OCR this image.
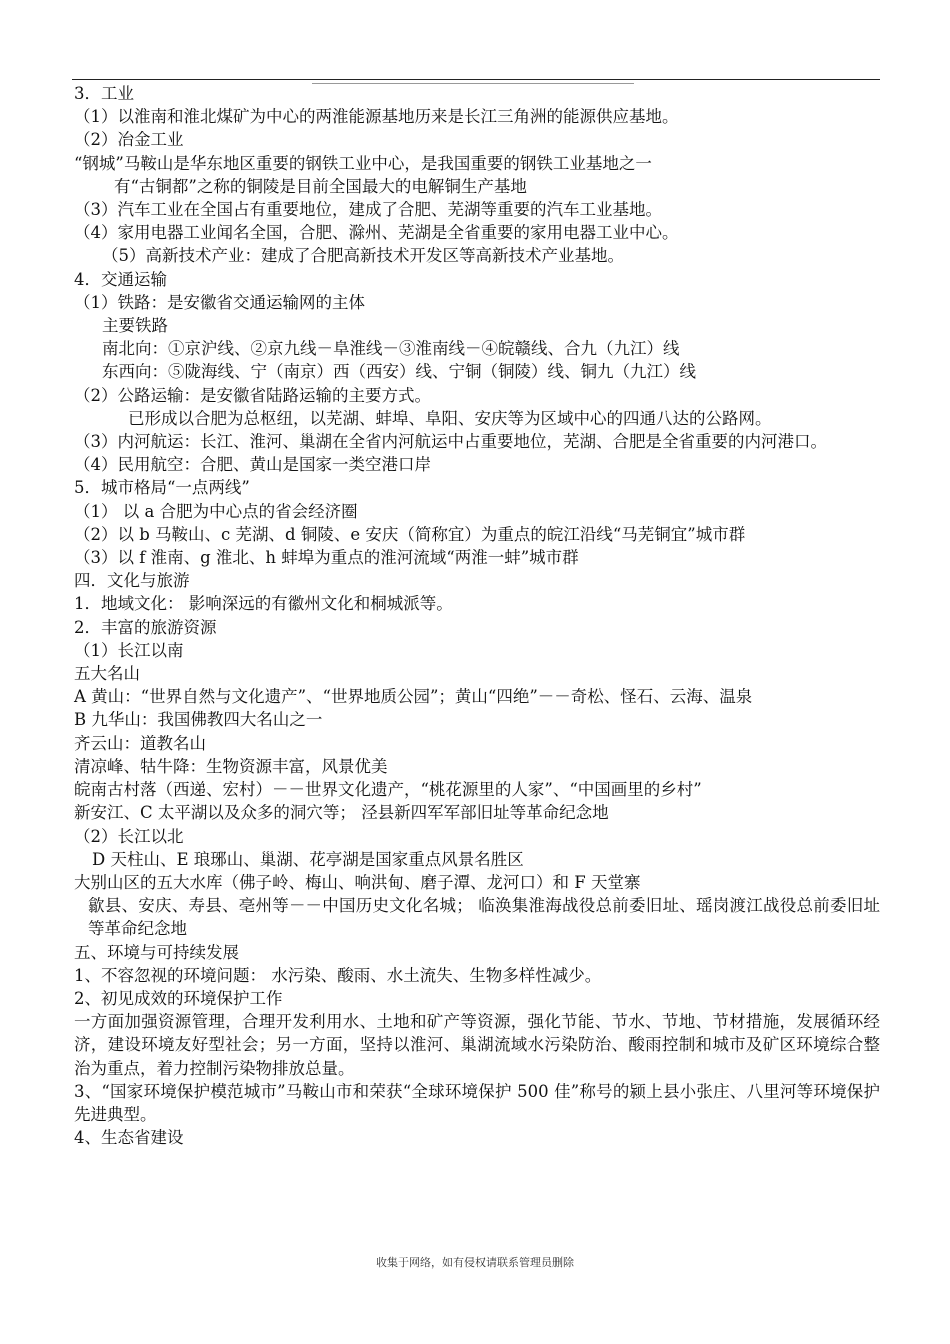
3．工业
（1）以淮南和淮北煤矿为中心的两淮能源基地历来是长江三角洲的能源供应基地。
（2）冶金工业
“钢城”马鞍山是华东地区重要的钢铁工业中心，是我国重要的钢铁工业基地之一
有“古铜都”之称的铜陵是目前全国最大的电解铜生产基地
（3）汽车工业在全国占有重要地位，建成了合肥、芜湖等重要的汽车工业基地。
（4）家用电器工业闻名全国，合肥、滁州、芜湖是全省重要的家用电器工业中心。
（5）高新技术产业：建成了合肥高新技术开发区等高新技术产业基地。
4．交通运输
（1）铁路：是安徽省交通运输网的主体
主要铁路
南北向：①京沪线、②京九线－阜淮线－③淮南线－④皖赣线、合九（九江）线
东西向：⑤陇海线、宁（南京）西（西安）线、宁铜（铜陵）线、铜九（九江）线
（2）公路运输：是安徽省陆路运输的主要方式。
已形成以合肥为总枢纽，以芜湖、蚌埠、阜阳、安庆等为区域中心的四通八达的公路网。
（3）内河航运：长江、淮河、巢湖在全省内河航运中占重要地位，芜湖、合肥是全省重要的内河港口。
（4）民用航空：合肥、黄山是国家一类空港口岸
5．城市格局“一点两线”
（1） 以 a 合肥为中心点的省会经济圈
（2）以 b 马鞍山、c 芜湖、d 铜陵、e 安庆（简称宜）为重点的皖江沿线“马芜铜宜”城市群
（3）以 f 淮南、g 淮北、h 蚌埠为重点的淮河流域“两淮一蚌”城市群
四．文化与旅游
1．地域文化： 影响深远的有徽州文化和桐城派等。
2．丰富的旅游资源
（1）长江以南
五大名山
A 黄山：“世界自然与文化遗产”、“世界地质公园”；黄山“四绝”－－奇松、怪石、云海、温泉
B 九华山：我国佛教四大名山之一
齐云山：道教名山
清凉峰、牯牛降：生物资源丰富，风景优美
皖南古村落（西递、宏村）－－世界文化遗产，“桃花源里的人家”、“中国画里的乡村”
新安江、C 太平湖以及众多的洞穴等； 泾县新四军军部旧址等革命纪念地
（2）长江以北
D 天柱山、E 琅琊山、巢湖、花亭湖是国家重点风景名胜区
大别山区的五大水库（佛子岭、梅山、响洪甸、磨子潭、龙河口）和 F 天堂寨
歙县、安庆、寿县、亳州等－－中国历史文化名城； 临涣集淮海战役总前委旧址、瑶岗渡江战役总前委旧址等革命纪念地
五、环境与可持续发展
1、不容忽视的环境问题： 水污染、酸雨、水土流失、生物多样性减少。
2、初见成效的环境保护工作
一方面加强资源管理，合理开发利用水、土地和矿产等资源，强化节能、节水、节地、节材措施，发展循环经济，建设环境友好型社会；另一方面，坚持以淮河、巢湖流域水污染防治、酸雨控制和城市及矿区环境综合整治为重点，着力控制污染物排放总量。
3、“国家环境保护模范城市”马鞍山市和荣获“全球环境保护 500 佳”称号的颍上县小张庄、八里河等环境保护先进典型。
4、生态省建设
收集于网络，如有侵权请联系管理员删除
